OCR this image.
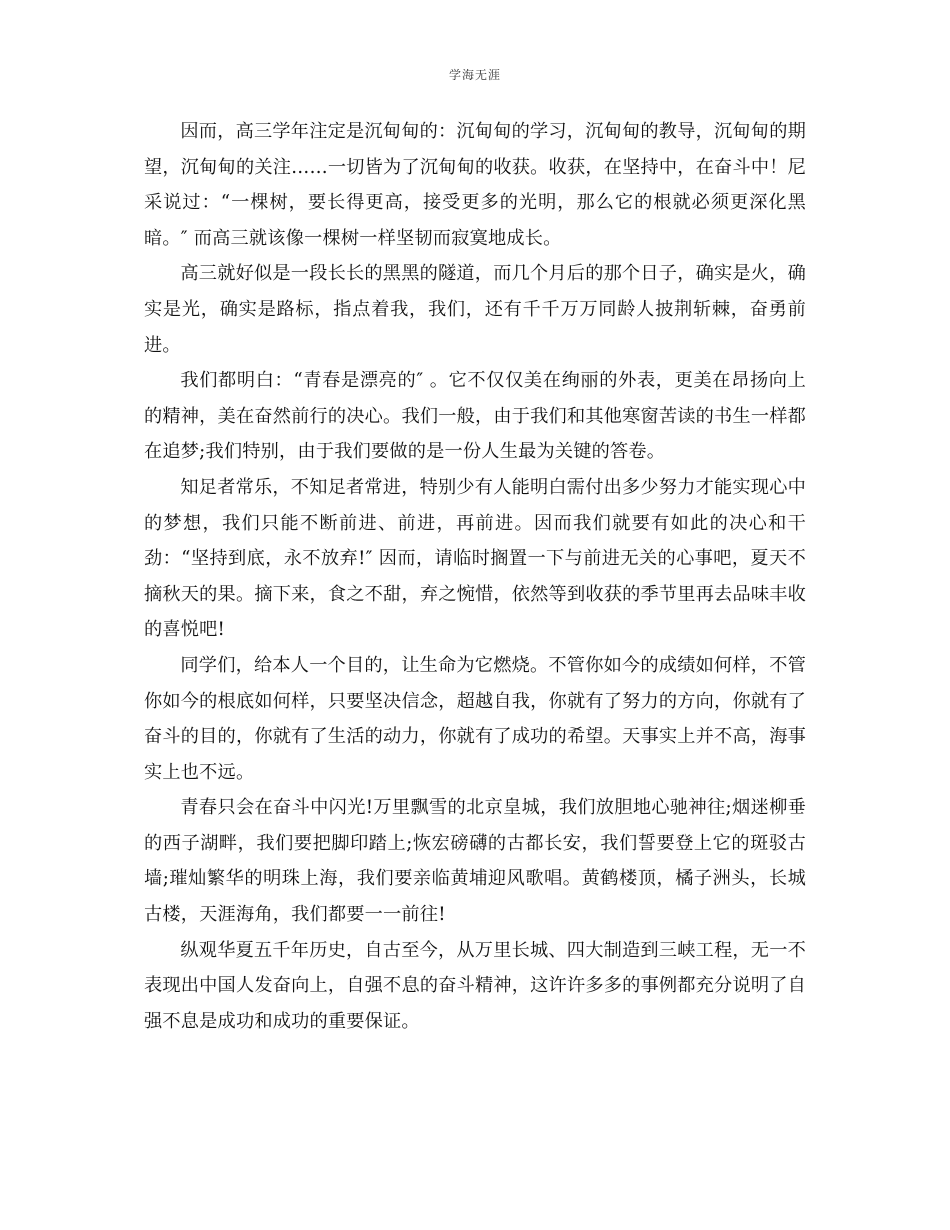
学海无涯

因而，高三学年注定是沉甸甸的：沉甸甸的学习，沉甸甸的教导，沉甸甸的期望，沉甸甸的关注……一切皆为了沉甸甸的收获。收获，在坚持中，在奋斗中！尼采说过：“一棵树，要长得更高，接受更多的光明，那么它的根就必须更深化黑暗。″ 而高三就该像一棵树一样坚韧而寂寞地成长。

高三就好似是一段长长的黑黑的隧道，而几个月后的那个日子，确实是火，确实是光，确实是路标，指点着我，我们，还有千千万万同龄人披荆斩棘，奋勇前进。

我们都明白：“青春是漂亮的″ 。它不仅仅美在绚丽的外表，更美在昂扬向上的精神，美在奋然前行的决心。我们一般，由于我们和其他寒窗苦读的书生一样都在追梦;我们特别，由于我们要做的是一份人生最为关键的答卷。

知足者常乐，不知足者常进，特别少有人能明白需付出多少努力才能实现心中的梦想，我们只能不断前进、前进，再前进。因而我们就要有如此的决心和干劲：“坚持到底，永不放弃!″ 因而，请临时搁置一下与前进无关的心事吧，夏天不摘秋天的果。摘下来，食之不甜，弃之惋惜，依然等到收获的季节里再去品味丰收的喜悦吧!

同学们，给本人一个目的，让生命为它燃烧。不管你如今的成绩如何样，不管你如今的根底如何样，只要坚决信念，超越自我，你就有了努力的方向，你就有了奋斗的目的，你就有了生活的动力，你就有了成功的希望。天事实上并不高，海事实上也不远。

青春只会在奋斗中闪光!万里飘雪的北京皇城，我们放胆地心驰神往;烟迷柳垂的西子湖畔，我们要把脚印踏上;恢宏磅礴的古都长安，我们誓要登上它的斑驳古墙;璀灿繁华的明珠上海，我们要亲临黄埔迎风歌唱。黄鹤楼顶，橘子洲头，长城古楼，天涯海角，我们都要一一前往!

纵观华夏五千年历史，自古至今，从万里长城、四大制造到三峡工程，无一不表现出中国人发奋向上，自强不息的奋斗精神，这许许多多的事例都充分说明了自强不息是成功和成功的重要保证。
